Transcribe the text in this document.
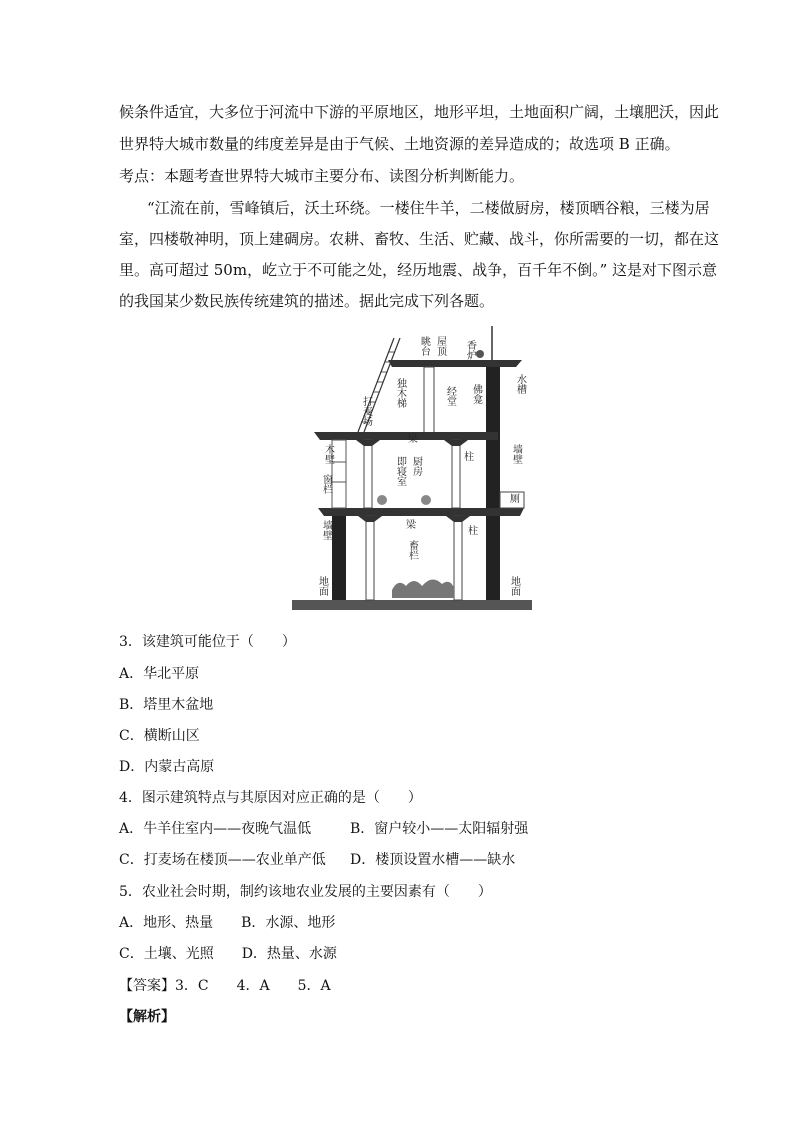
候条件适宜，大多位于河流中下游的平原地区，地形平坦，土地面积广阔，土壤肥沃，因此
世界特大城市数量的纬度差异是由于气候、土地资源的差异造成的；故选项 B 正确。
考点：本题考查世界特大城市主要分布、读图分析判断能力。
“江流在前，雪峰镇后，沃土环绕。一楼住牛羊，二楼做厨房，楼顶晒谷粮，三楼为居
室，四楼敬神明，顶上建碉房。农耕、畜牧、生活、贮藏、战斗，你所需要的一切，都在这
里。高可超过 50m，屹立于不可能之处，经历地震、战争，百千年不倒。” 这是对下图示意
的我国某少数民族传统建筑的描述。据此完成下列各题。
眺台 屋顶 香炉
独木梯
打麦场	经堂 佛龛	水槽
梁
厨房
即寝室	柱	墙壁
木壁
窗栏
厕
墙壁	梁
畜栏
柱
地面	地面
3．该建筑可能位于（　　）
A．华北平原
B．塔里木盆地
C．横断山区
D．内蒙古高原
4．图示建筑特点与其原因对应正确的是（　　）
A．牛羊住室内——夜晚气温低	B．窗户较小——太阳辐射强
C．打麦场在楼顶——农业单产低 D．楼顶设置水槽——缺水
5．农业社会时期，制约该地农业发展的主要因素有（　　）
A．地形、热量　　B．水源、地形
C．土壤、光照　　D．热量、水源
【答案】3．C　　4．A　　5．A
【解析】
